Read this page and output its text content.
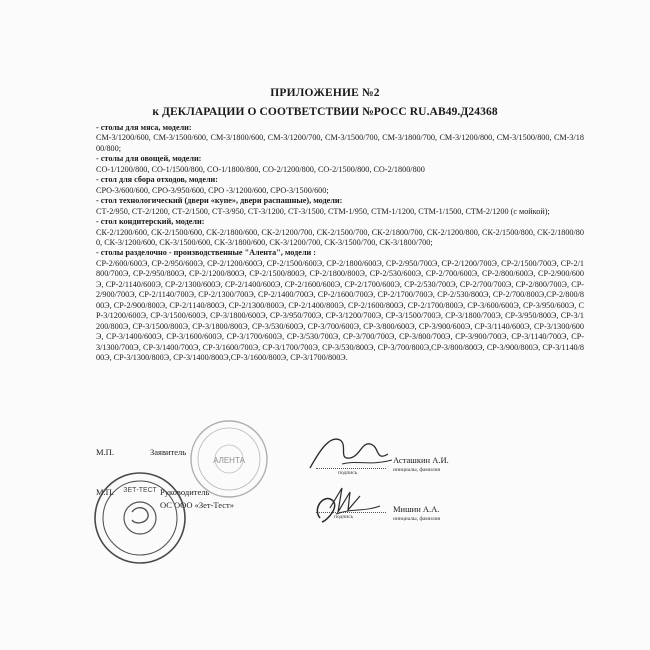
ПРИЛОЖЕНИЕ №2
к ДЕКЛАРАЦИИ О СООТВЕТСТВИИ №РОСС RU.АВ49.Д24368
- столы для мяса, модели:

СМ-3/1200/600, СМ-3/1500/600, СМ-3/1800/600, СМ-3/1200/700, СМ-3/1500/700, СМ-3/1800/700, СМ-3/1200/800, СМ-3/1500/800, СМ-3/1800/800;

- столы для овощей, модели:

СО-1/1200/800, СО-1/1500/800, СО-1/1800/800, СО-2/1200/800, СО-2/1500/800, СО-2/1800/800

- стол для сбора отходов, модели:

СРО-3/600/600, СРО-3/950/600, СРО -3/1200/600, СРО-3/1500/600;

- стол технологический (двери «купе», двери распашные), модели:

СТ-2/950, СТ-2/1200, СТ-2/1500, СТ-3/950, СТ-3/1200, СТ-3/1500, СТМ-1/950, СТМ-1/1200, СТМ-1/1500, СТМ-2/1200 (с мойкой);

- стол кондитерский, модели:

СК-2/1200/600, СК-2/1500/600, СК-2/1800/600, СК-2/1200/700, СК-2/1500/700, СК-2/1800/700, СК-2/1200/800, СК-2/1500/800, СК-2/1800/800, СК-3/1200/600, СК-3/1500/600, СК-3/1800/600, СК-3/1200/700, СК-3/1500/700, СК-3/1800/700;

- столы разделочно - производственные "Алента", модели :

СР-2/600/600Э, СР-2/950/600Э, СР-2/1200/600Э, СР-2/1500/600Э, СР-2/1800/600Э, СР-2/950/700Э, СР-2/1200/700Э, СР-2/1500/700Э, СР-2/1800/700Э, СР-2/950/800Э, СР-2/1200/800Э, СР-2/1500/800Э, СР-2/1800/800Э, СР-2/530/600Э, СР-2/700/600Э, СР-2/800/600Э, СР-2/900/600Э, СР-2/1140/600Э, СР-2/1300/600Э, СР-2/1400/600Э, СР-2/1600/600Э, СР-2/1700/600Э, СР-2/530/700Э, СР-2/700/700Э, СР-2/800/700Э, СР-2/900/700Э, СР-2/1140/700Э, СР-2/1300/700Э, СР-2/1400/700Э, СР-2/1600/700Э, СР-2/1700/700Э, СР-2/530/800Э, СР-2/700/800Э,СР-2/800/800Э, СР-2/900/800Э, СР-2/1140/800Э, СР-2/1300/800Э, СР-2/1400/800Э, СР-2/1600/800Э, СР-2/1700/800Э, СР-3/600/600Э, СР-3/950/600Э, СР-3/1200/600Э, СР-3/1500/600Э, СР-3/1800/600Э, СР-3/950/700Э, СР-3/1200/700Э, СР-3/1500/700Э, СР-3/1800/700Э, СР-3/950/800Э, СР-3/1200/800Э, СР-3/1500/800Э, СР-3/1800/800Э, СР-3/530/600Э, СР-3/700/600Э, СР-3/800/600Э, СР-3/900/600Э, СР-3/1140/600Э, СР-3/1300/600Э, СР-3/1400/600Э, СР-3/1600/600Э, СР-3/1700/600Э, СР-3/530/700Э, СР-3/700/700Э, СР-3/800/700Э, СР-3/900/700Э, СР-3/1140/700Э, СР-3/1300/700Э, СР-3/1400/700Э, СР-3/1600/700Э, СР-3/1700/700Э, СР-3/530/800Э, СР-3/700/800Э,СР-3/800/800Э, СР-3/900/800Э, СР-3/1140/800Э, СР-3/1300/800Э, СР-3/1400/800Э,СР-3/1600/800Э, СР-3/1700/800Э.

М.П.	Заявитель
подпись
Асташкин А.И.
инициалы, фамилия
М.П.	Руководитель
ОС ООО «Зет-Тест»
подпись
Мишин А.А.
инициалы, фамилия
АЛЕНТА
ЗЕТ-ТЕСТ
